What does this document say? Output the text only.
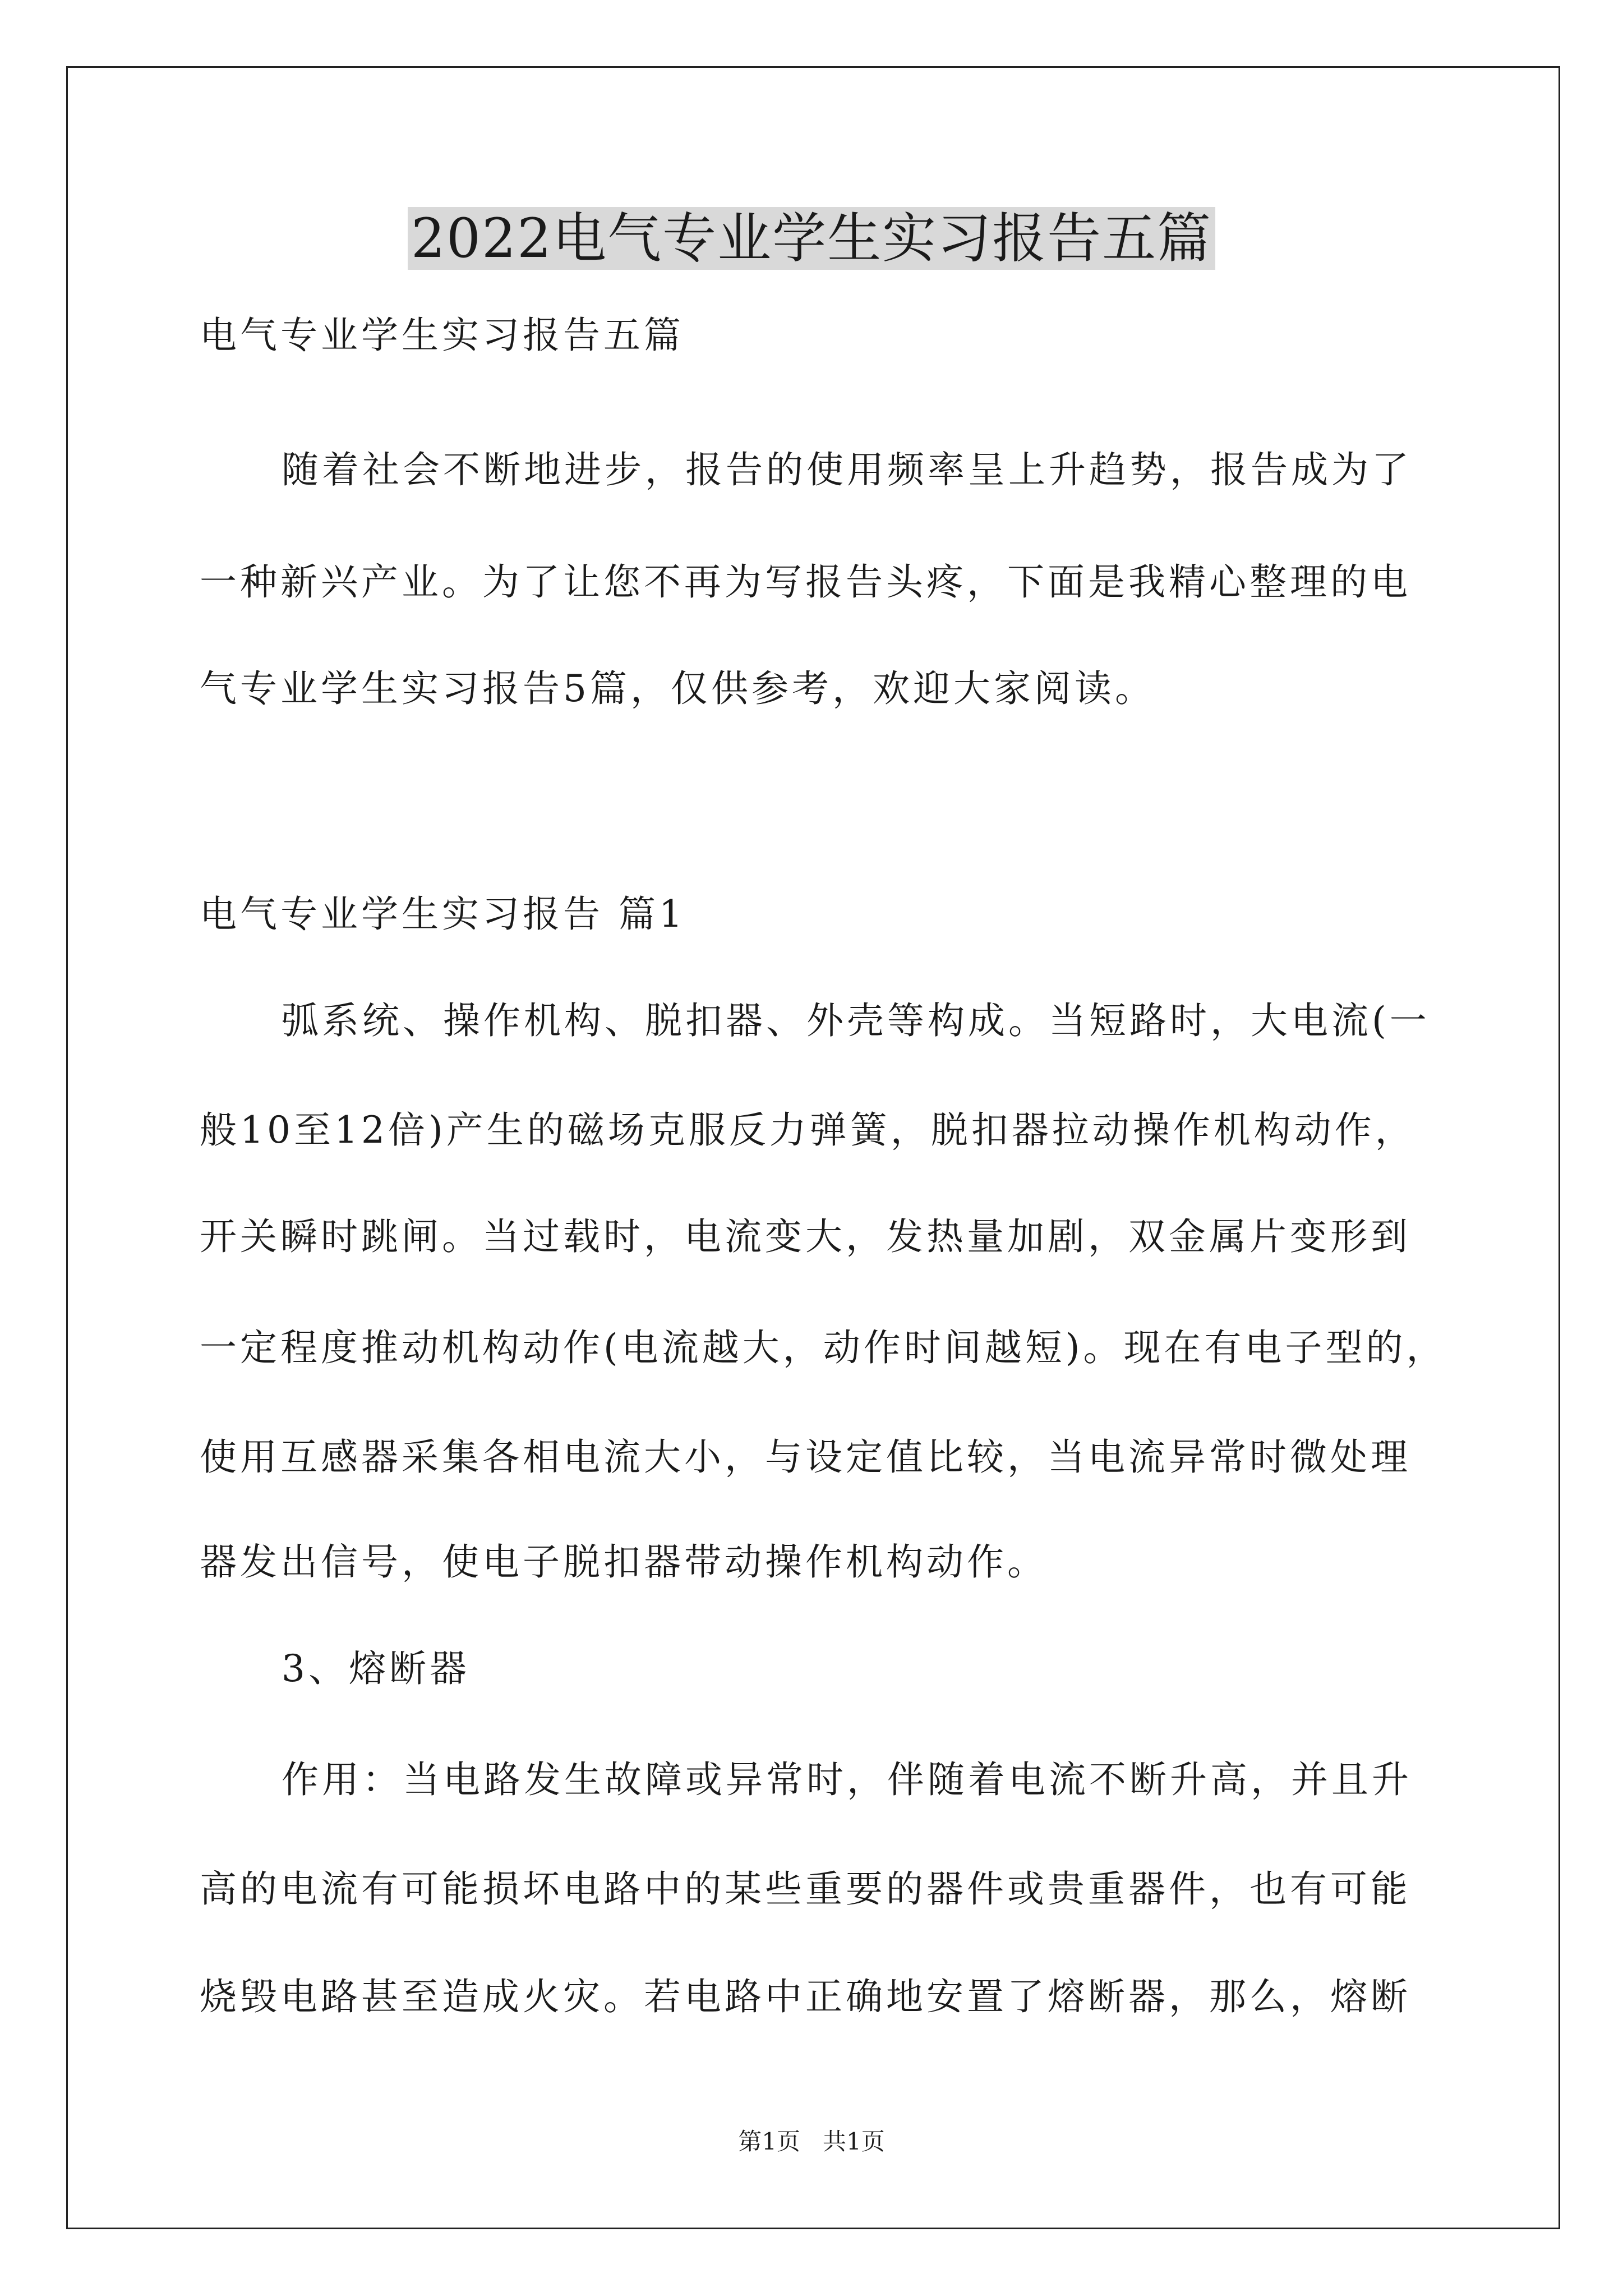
2022电气专业学生实习报告五篇
电气专业学生实习报告五篇
随着社会不断地进步，报告的使用频率呈上升趋势，报告成为了
一种新兴产业。为了让您不再为写报告头疼，下面是我精心整理的电
气专业学生实习报告5篇，仅供参考，欢迎大家阅读。
电气专业学生实习报告 篇1
弧系统、操作机构、脱扣器、外壳等构成。当短路时，大电流(一
般10至12倍)产生的磁场克服反力弹簧，脱扣器拉动操作机构动作，
开关瞬时跳闸。当过载时，电流变大，发热量加剧，双金属片变形到
一定程度推动机构动作(电流越大，动作时间越短)。现在有电子型的，
使用互感器采集各相电流大小，与设定值比较，当电流异常时微处理
器发出信号，使电子脱扣器带动操作机构动作。
3、熔断器
作用：当电路发生故障或异常时，伴随着电流不断升高，并且升
高的电流有可能损坏电路中的某些重要的器件或贵重器件，也有可能
烧毁电路甚至造成火灾。若电路中正确地安置了熔断器，那么，熔断
第1页 共1页
